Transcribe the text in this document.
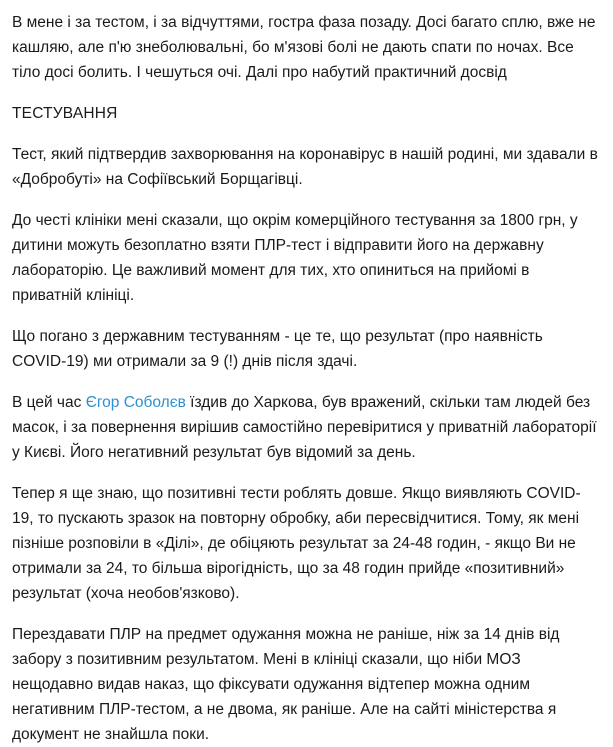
В мене і за тестом, і за відчуттями, гостра фаза позаду. Досі багато сплю, вже не кашляю, але п'ю знеболювальні, бо м'язові болі не дають спати по ночах. Все тіло досі болить. І чешуться очі. Далі про набутий практичний досвід

ТЕСТУВАННЯ

Тест, який підтвердив захворювання на коронавірус в нашій родині, ми здавали в «Добробуті» на Софіївський Борщагівці.

До честі клініки мені сказали, що окрім комерційного тестування за 1800 грн, у дитини можуть безоплатно взяти ПЛР-тест і відправити його на державну лабораторію. Це важливий момент для тих, хто опиниться на прийомі в приватній клініці.

Що погано з державним тестуванням - це те, що результат (про наявність COVID-19) ми отримали за 9 (!) днів після здачі.

В цей час Єгор Соболєв їздив до Харкова, був вражений, скільки там людей без масок, і за повернення вирішив самостійно перевіритися у приватній лабораторії у Києві. Його негативний результат був відомий за день.

Тепер я ще знаю, що позитивні тести роблять довше. Якщо виявляють COVID-19, то пускають зразок на повторну обробку, аби пересвідчитися. Тому, як мені пізніше розповіли в «Ділі», де обіцяють результат за 24-48 годин, - якщо Ви не отримали за 24, то більша вірогідність, що за 48 годин прийде «позитивний» результат (хоча необов'язково).

Перездавати ПЛР на предмет одужання можна не раніше, ніж за 14 днів від забору з позитивним результатом. Мені в клініці сказали, що ніби МОЗ нещодавно видав наказ, що фіксувати одужання відтепер можна одним негативним ПЛР-тестом, а не двома, як раніше. Але на сайті міністерства я документ не знайшла поки.
